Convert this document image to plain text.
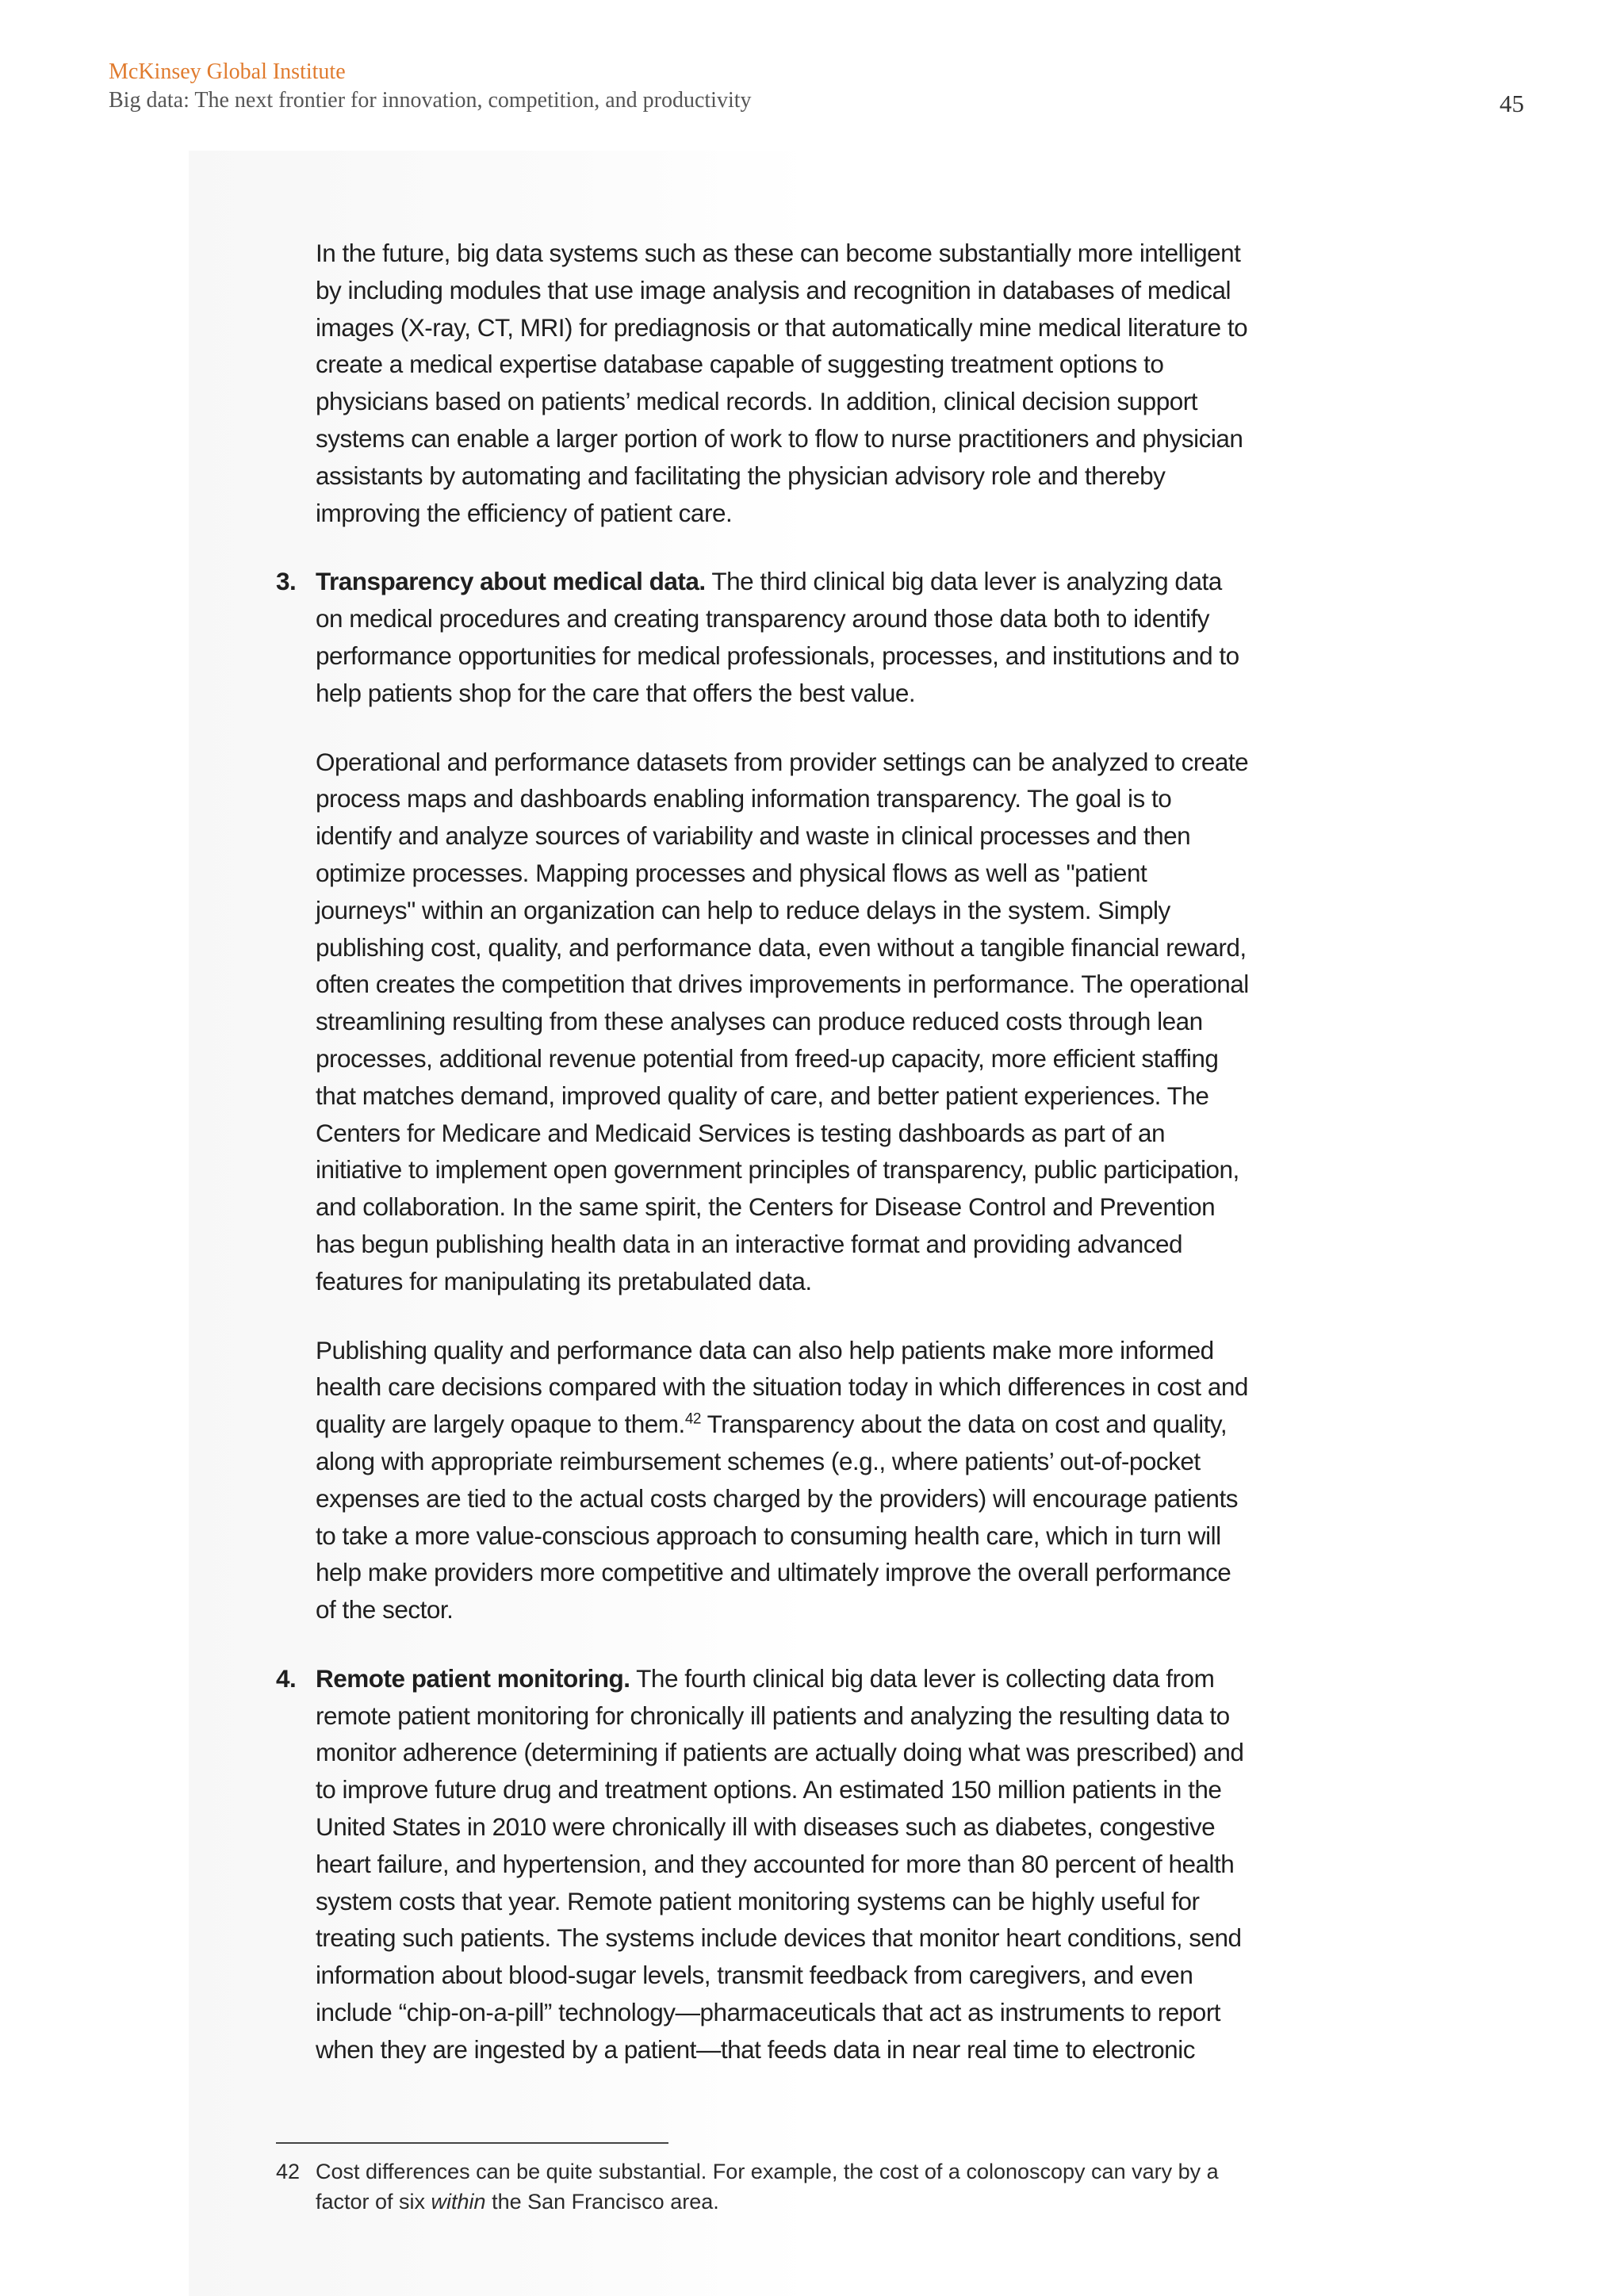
McKinsey Global Institute
Big data: The next frontier for innovation, competition, and productivity	45

In the future, big data systems such as these can become substantially more intelligent by including modules that use image analysis and recognition in databases of medical images (X-ray, CT, MRI) for prediagnosis or that automatically mine medical literature to create a medical expertise database capable of suggesting treatment options to physicians based on patients’ medical records. In addition, clinical decision support systems can enable a larger portion of work to flow to nurse practitioners and physician assistants by automating and facilitating the physician advisory role and thereby improving the efficiency of patient care.

3. Transparency about medical data. The third clinical big data lever is analyzing data on medical procedures and creating transparency around those data both to identify performance opportunities for medical professionals, processes, and institutions and to help patients shop for the care that offers the best value.

Operational and performance datasets from provider settings can be analyzed to create process maps and dashboards enabling information transparency. The goal is to identify and analyze sources of variability and waste in clinical processes and then optimize processes. Mapping processes and physical flows as well as "patient journeys" within an organization can help to reduce delays in the system. Simply publishing cost, quality, and performance data, even without a tangible financial reward, often creates the competition that drives improvements in performance. The operational streamlining resulting from these analyses can produce reduced costs through lean processes, additional revenue potential from freed-up capacity, more efficient staffing that matches demand, improved quality of care, and better patient experiences. The Centers for Medicare and Medicaid Services is testing dashboards as part of an initiative to implement open government principles of transparency, public participation, and collaboration. In the same spirit, the Centers for Disease Control and Prevention has begun publishing health data in an interactive format and providing advanced features for manipulating its pretabulated data.

Publishing quality and performance data can also help patients make more informed health care decisions compared with the situation today in which differences in cost and quality are largely opaque to them.$^{42}$ Transparency about the data on cost and quality, along with appropriate reimbursement schemes (e.g., where patients’ out-of-pocket expenses are tied to the actual costs charged by the providers) will encourage patients to take a more value-conscious approach to consuming health care, which in turn will help make providers more competitive and ultimately improve the overall performance of the sector.

4. Remote patient monitoring. The fourth clinical big data lever is collecting data from remote patient monitoring for chronically ill patients and analyzing the resulting data to monitor adherence (determining if patients are actually doing what was prescribed) and to improve future drug and treatment options. An estimated 150 million patients in the United States in 2010 were chronically ill with diseases such as diabetes, congestive heart failure, and hypertension, and they accounted for more than 80 percent of health system costs that year. Remote patient monitoring systems can be highly useful for treating such patients. The systems include devices that monitor heart conditions, send information about blood-sugar levels, transmit feedback from caregivers, and even include “chip-on-a-pill” technology—pharmaceuticals that act as instruments to report when they are ingested by a patient—that feeds data in near real time to electronic
42 Cost differences can be quite substantial. For example, the cost of a colonoscopy can vary by a factor of six within the San Francisco area.
